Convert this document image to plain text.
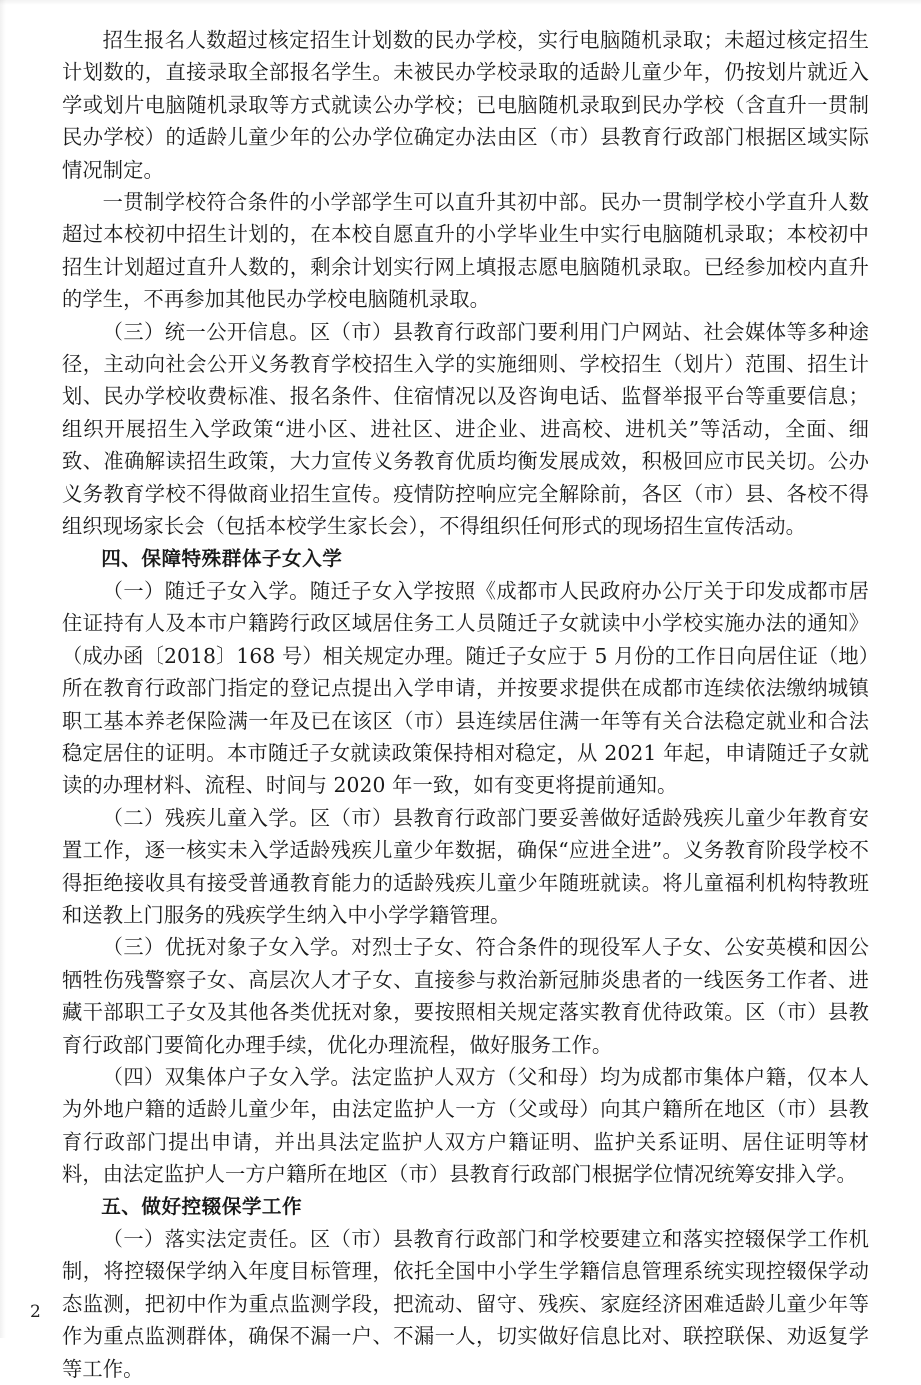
招生报名人数超过核定招生计划数的民办学校，实行电脑随机录取；未超过核定招生计划数的，直接录取全部报名学生。未被民办学校录取的适龄儿童少年，仍按划片就近入学或划片电脑随机录取等方式就读公办学校；已电脑随机录取到民办学校（含直升一贯制民办学校）的适龄儿童少年的公办学位确定办法由区（市）县教育行政部门根据区域实际情况制定。

一贯制学校符合条件的小学部学生可以直升其初中部。民办一贯制学校小学直升人数超过本校初中招生计划的，在本校自愿直升的小学毕业生中实行电脑随机录取；本校初中招生计划超过直升人数的，剩余计划实行网上填报志愿电脑随机录取。已经参加校内直升的学生，不再参加其他民办学校电脑随机录取。

（三）统一公开信息。区（市）县教育行政部门要利用门户网站、社会媒体等多种途径，主动向社会公开义务教育学校招生入学的实施细则、学校招生（划片）范围、招生计划、民办学校收费标准、报名条件、住宿情况以及咨询电话、监督举报平台等重要信息；组织开展招生入学政策“进小区、进社区、进企业、进高校、进机关”等活动，全面、细致、准确解读招生政策，大力宣传义务教育优质均衡发展成效，积极回应市民关切。公办义务教育学校不得做商业招生宣传。疫情防控响应完全解除前，各区（市）县、各校不得组织现场家长会（包括本校学生家长会），不得组织任何形式的现场招生宣传活动。

四、保障特殊群体子女入学

（一）随迁子女入学。随迁子女入学按照《成都市人民政府办公厅关于印发成都市居住证持有人及本市户籍跨行政区域居住务工人员随迁子女就读中小学校实施办法的通知》（成办函〔2018〕168 号）相关规定办理。随迁子女应于 5 月份的工作日向居住证（地）所在教育行政部门指定的登记点提出入学申请，并按要求提供在成都市连续依法缴纳城镇职工基本养老保险满一年及已在该区（市）县连续居住满一年等有关合法稳定就业和合法稳定居住的证明。本市随迁子女就读政策保持相对稳定，从 2021 年起，申请随迁子女就读的办理材料、流程、时间与 2020 年一致，如有变更将提前通知。

（二）残疾儿童入学。区（市）县教育行政部门要妥善做好适龄残疾儿童少年教育安置工作，逐一核实未入学适龄残疾儿童少年数据，确保“应进全进”。义务教育阶段学校不得拒绝接收具有接受普通教育能力的适龄残疾儿童少年随班就读。将儿童福利机构特教班和送教上门服务的残疾学生纳入中小学学籍管理。

（三）优抚对象子女入学。对烈士子女、符合条件的现役军人子女、公安英模和因公牺牲伤残警察子女、高层次人才子女、直接参与救治新冠肺炎患者的一线医务工作者、进藏干部职工子女及其他各类优抚对象，要按照相关规定落实教育优待政策。区（市）县教育行政部门要简化办理手续，优化办理流程，做好服务工作。

（四）双集体户子女入学。法定监护人双方（父和母）均为成都市集体户籍，仅本人为外地户籍的适龄儿童少年，由法定监护人一方（父或母）向其户籍所在地区（市）县教育行政部门提出申请，并出具法定监护人双方户籍证明、监护关系证明、居住证明等材料，由法定监护人一方户籍所在地区（市）县教育行政部门根据学位情况统筹安排入学。

五、做好控辍保学工作

（一）落实法定责任。区（市）县教育行政部门和学校要建立和落实控辍保学工作机制，将控辍保学纳入年度目标管理，依托全国中小学生学籍信息管理系统实现控辍保学动态监测，把初中作为重点监测学段，把流动、留守、残疾、家庭经济困难适龄儿童少年等作为重点监测群体，确保不漏一户、不漏一人，切实做好信息比对、联控联保、劝返复学等工作。

2
